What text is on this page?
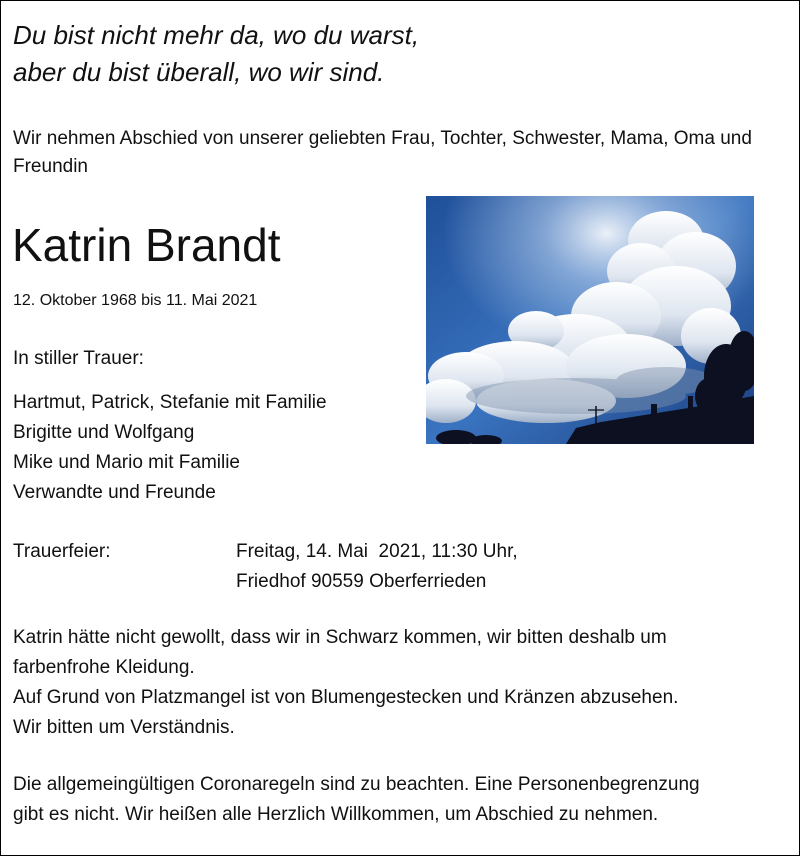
Du bist nicht mehr da, wo du warst,
aber du bist überall, wo wir sind.
Wir nehmen Abschied von unserer geliebten Frau, Tochter, Schwester, Mama, Oma und Freundin
Katrin Brandt
12. Oktober 1968 bis 11. Mai 2021
In stiller Trauer:
Hartmut, Patrick, Stefanie mit Familie
Brigitte und Wolfgang
Mike und Mario mit Familie
Verwandte und Freunde
Trauerfeier:	Freitag, 14. Mai  2021, 11:30 Uhr,
Friedhof 90559 Oberferrieden
Katrin hätte nicht gewollt, dass wir in Schwarz kommen, wir bitten deshalb um
farbenfrohe Kleidung.
Auf Grund von Platzmangel ist von Blumengestecken und Kränzen abzusehen.
Wir bitten um Verständnis.
Die allgemeingültigen Coronaregeln sind zu beachten. Eine Personenbegrenzung
gibt es nicht. Wir heißen alle Herzlich Willkommen, um Abschied zu nehmen.
